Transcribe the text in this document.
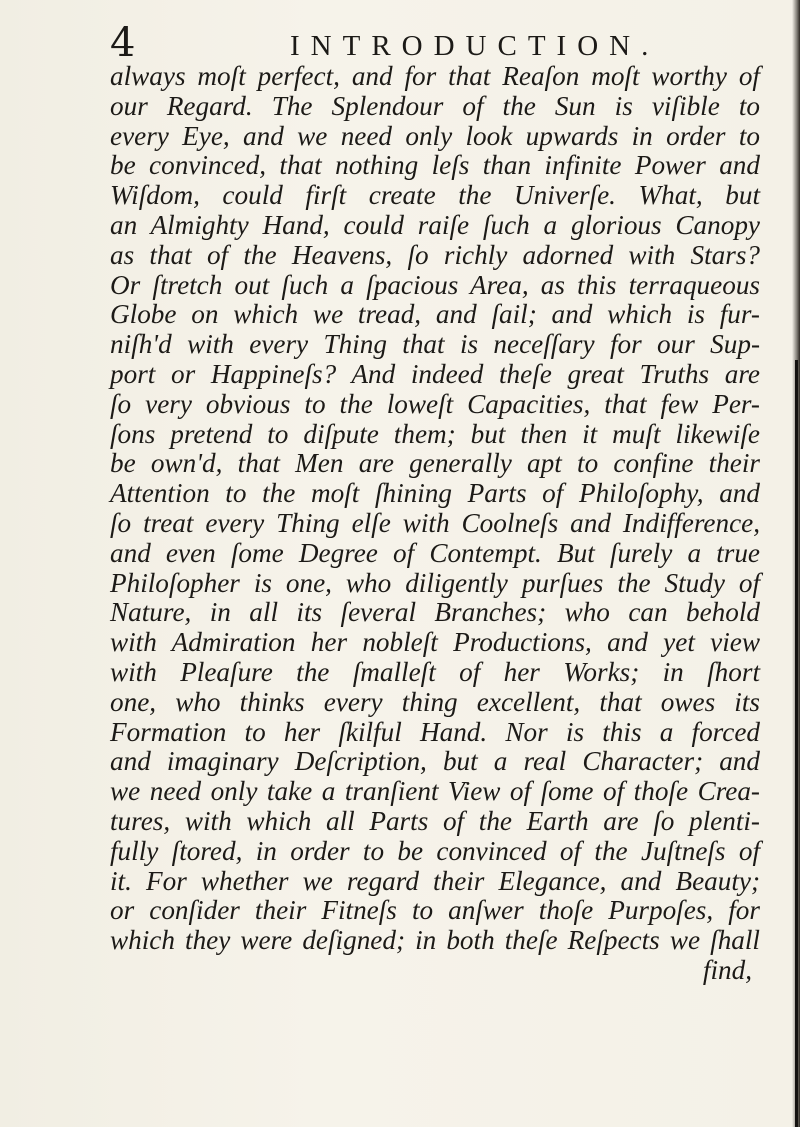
4	INTRODUCTION.
always moſt perfect, and for that Reaſon moſt worthy of
our Regard. The Splendour of the Sun is viſible to
every Eye, and we need only look upwards in order to
be convinced, that nothing leſs than infinite Power and
Wiſdom, could firſt create the Univerſe. What, but
an Almighty Hand, could raiſe ſuch a glorious Canopy
as that of the Heavens, ſo richly adorned with Stars?
Or ſtretch out ſuch a ſpacious Area, as this terraqueous
Globe on which we tread, and ſail; and which is fur-
niſh'd with every Thing that is neceſſary for our Sup-
port or Happineſs? And indeed theſe great Truths are
ſo very obvious to the loweſt Capacities, that few Per-
ſons pretend to diſpute them; but then it muſt likewiſe
be own'd, that Men are generally apt to confine their
Attention to the moſt ſhining Parts of Philoſophy, and
ſo treat every Thing elſe with Coolneſs and Indifference,
and even ſome Degree of Contempt. But ſurely a true
Philoſopher is one, who diligently purſues the Study of
Nature, in all its ſeveral Branches; who can behold
with Admiration her nobleſt Productions, and yet view
with Pleaſure the ſmalleſt of her Works; in ſhort
one, who thinks every thing excellent, that owes its
Formation to her ſkilful Hand. Nor is this a forced
and imaginary Deſcription, but a real Character; and
we need only take a tranſient View of ſome of thoſe Crea-
tures, with which all Parts of the Earth are ſo plenti-
fully ſtored, in order to be convinced of the Juſtneſs of
it. For whether we regard their Elegance, and Beauty;
or conſider their Fitneſs to anſwer thoſe Purpoſes, for
which they were deſigned; in both theſe Reſpects we ſhall
find,
